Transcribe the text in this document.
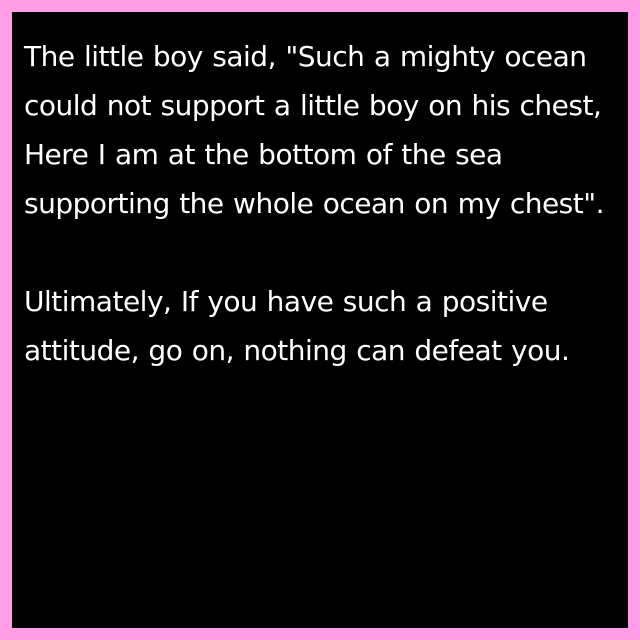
The little boy said, "Such a mighty ocean could not support a little boy on his chest, Here I am at the bottom of the sea supporting the whole ocean on my chest".

Ultimately, If you have such a positive attitude, go on, nothing can defeat you.
